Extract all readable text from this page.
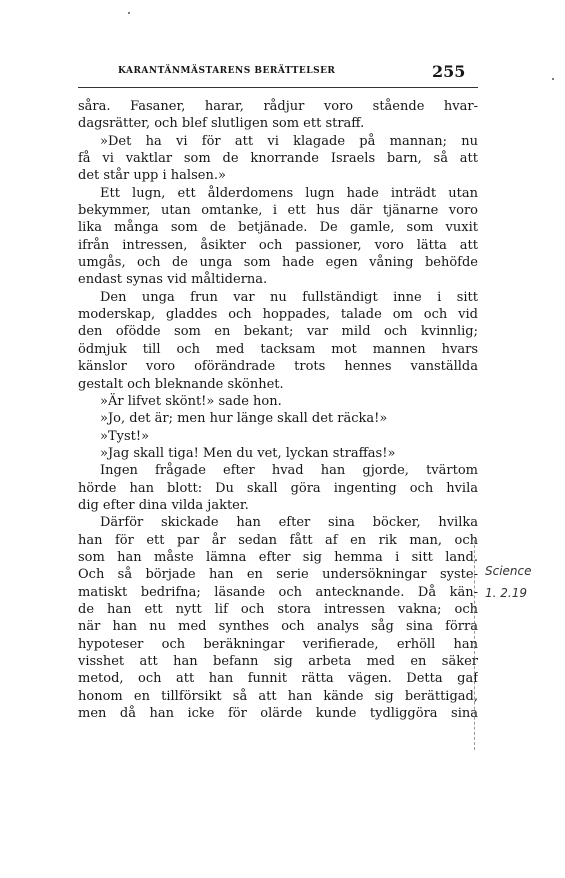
KARANTÄNMÄSTARENS BERÄTTELSER	255
såra. Fasaner, harar, rådjur voro stående hvar-
dagsrätter, och blef slutligen som ett straff.
»Det ha vi för att vi klagade på mannan; nu
få vi vaktlar som de knorrande Israels barn, så att
det står upp i halsen.»
Ett lugn, ett ålderdomens lugn hade inträdt utan
bekymmer, utan omtanke, i ett hus där tjänarne voro
lika många som de betjänade. De gamle, som vuxit
ifrån intressen, åsikter och passioner, voro lätta att
umgås, och de unga som hade egen våning behöfde
endast synas vid måltiderna.
Den unga frun var nu fullständigt inne i sitt
moderskap, gladdes och hoppades, talade om och vid
den ofödde som en bekant; var mild och kvinnlig;
ödmjuk till och med tacksam mot mannen hvars
känslor voro oförändrade trots hennes vanställda
gestalt och bleknande skönhet.
»Är lifvet skönt!» sade hon.
»Jo, det är; men hur länge skall det räcka!»
»Tyst!»
»Jag skall tiga! Men du vet, lyckan straffas!»
Ingen frågade efter hvad han gjorde, tvärtom
hörde han blott: Du skall göra ingenting och hvila
dig efter dina vilda jakter.
Därför skickade han efter sina böcker, hvilka
han för ett par år sedan fått af en rik man, och
som han måste lämna efter sig hemma i sitt land.
Och så började han en serie undersökningar syste-
matiskt bedrifna; läsande och antecknande. Då kän-
de han ett nytt lif och stora intressen vakna; och
när han nu med synthes och analys såg sina förra
hypoteser och beräkningar verifierade, erhöll han
visshet att han befann sig arbeta med en säker
metod, och att han funnit rätta vägen. Detta gaf
honom en tillförsikt så att han kände sig berättigad,
men då han icke för olärde kunde tydliggöra sina
Science
1. 2.19
